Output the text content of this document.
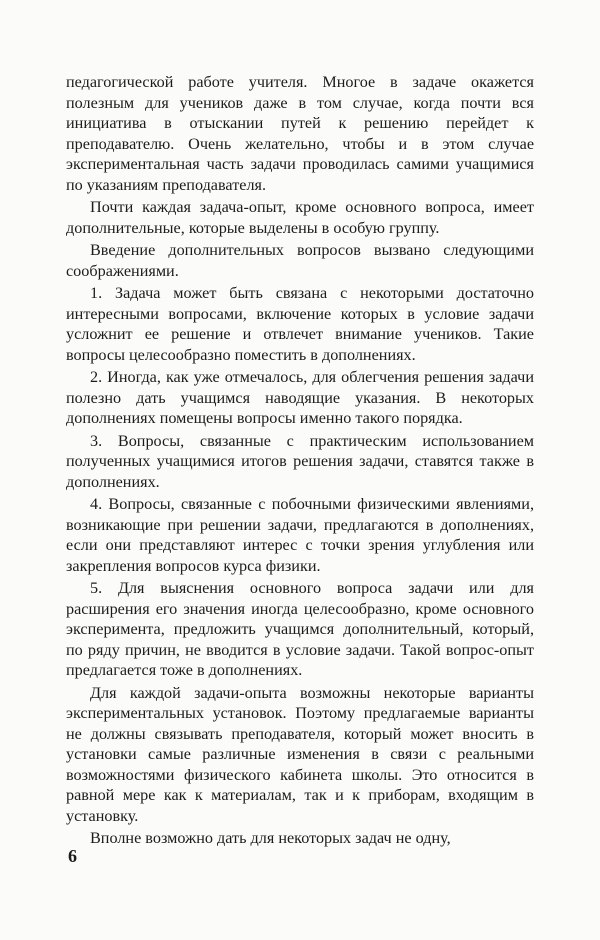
педагогической работе учителя. Многое в задаче окажется полезным для учеников даже в том случае, когда почти вся инициатива в отыскании путей к решению перейдет к преподавателю. Очень желательно, чтобы и в этом случае экспериментальная часть задачи проводилась самими учащимися по указаниям преподавателя.

Почти каждая задача-опыт, кроме основного вопроса, имеет дополнительные, которые выделены в особую группу.

Введение дополнительных вопросов вызвано следующими соображениями.

1. Задача может быть связана с некоторыми достаточно интересными вопросами, включение которых в условие задачи усложнит ее решение и отвлечет внимание учеников. Такие вопросы целесообразно поместить в дополнениях.

2. Иногда, как уже отмечалось, для облегчения решения задачи полезно дать учащимся наводящие указания. В некоторых дополнениях помещены вопросы именно такого порядка.

3. Вопросы, связанные с практическим использованием полученных учащимися итогов решения задачи, ставятся также в дополнениях.

4. Вопросы, связанные с побочными физическими явлениями, возникающие при решении задачи, предлагаются в дополнениях, если они представляют интерес с точки зрения углубления или закрепления вопросов курса физики.

5. Для выяснения основного вопроса задачи или для расширения его значения иногда целесообразно, кроме основного эксперимента, предложить учащимся дополнительный, который, по ряду причин, не вводится в условие задачи. Такой вопрос-опыт предлагается тоже в дополнениях.

Для каждой задачи-опыта возможны некоторые варианты экспериментальных установок. Поэтому предлагаемые варианты не должны связывать преподавателя, который может вносить в установки самые различные изменения в связи с реальными возможностями физического кабинета школы. Это относится в равной мере как к материалам, так и к приборам, входящим в установку.

Вполне возможно дать для некоторых задач не одну,

6
